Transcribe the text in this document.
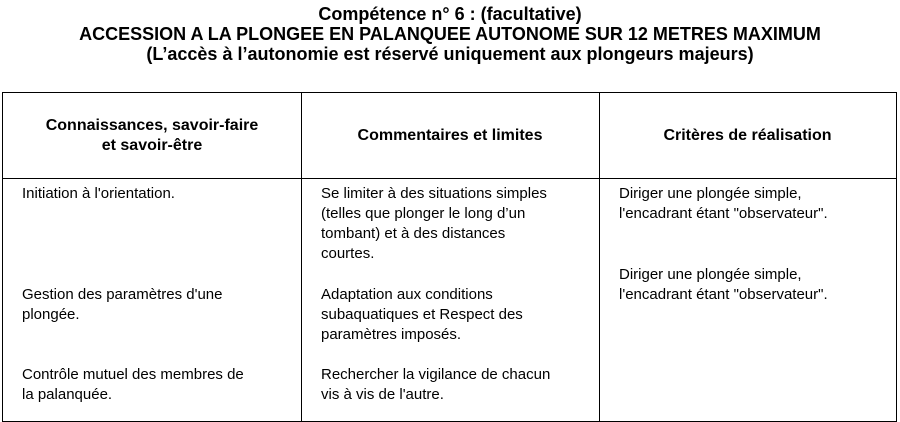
Compétence n° 6 : (facultative)
ACCESSION A LA PLONGEE EN PALANQUEE AUTONOME SUR 12 METRES MAXIMUM
(L’accès à l’autonomie est réservé uniquement aux plongeurs majeurs)
Connaissances, savoir-faire
et savoir-être
Commentaires et limites	Critères de réalisation
Initiation à l'orientation.
Gestion des paramètres d'une
plongée.
Contrôle mutuel des membres de
la palanquée.
Se limiter à des situations simples
(telles que plonger le long d’un
tombant) et à des distances
courtes.
Adaptation aux conditions
subaquatiques et Respect des
paramètres imposés.
Rechercher la vigilance de chacun
vis à vis de l'autre.
Diriger une plongée simple,
l'encadrant étant "observateur".
Diriger une plongée simple,
l'encadrant étant "observateur".
